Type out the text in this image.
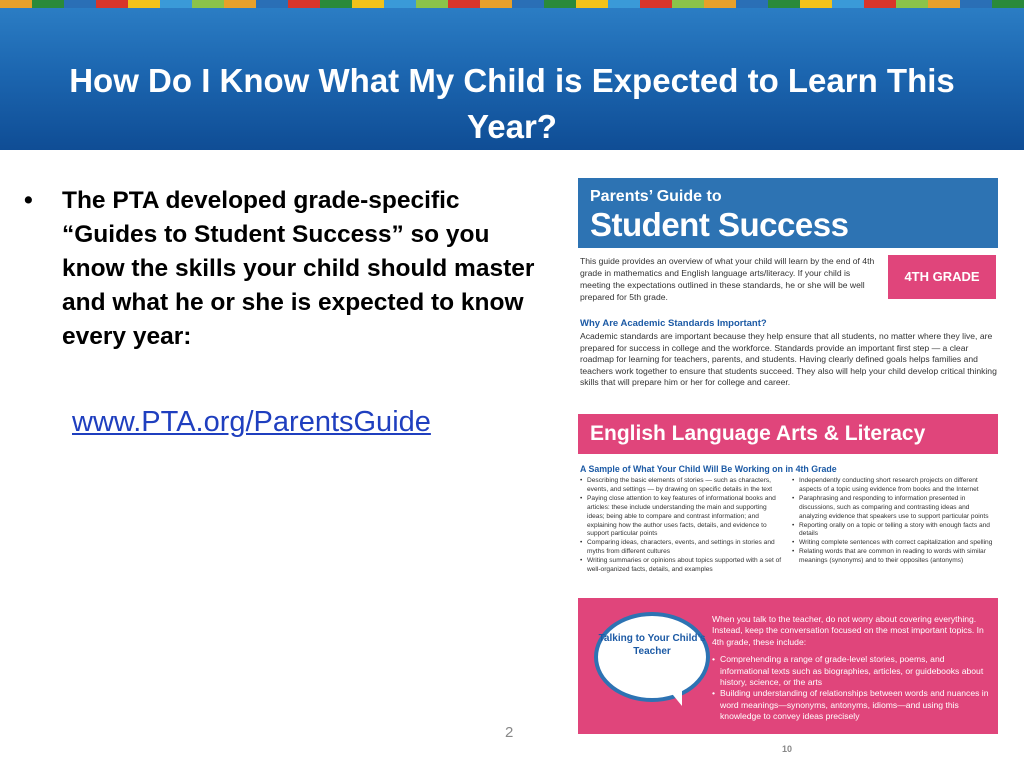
How Do I Know What My Child is Expected to Learn This Year?
• The PTA developed grade-specific “Guides to Student Success” so you know the skills your child should master and what he or she is expected to know every year:
www.PTA.org/ParentsGuide
2
Parents’ Guide to
Student Success
This guide provides an overview of what your child will learn by the end of 4th grade in mathematics and English language arts/literacy. If your child is meeting the expectations outlined in these standards, he or she will be well prepared for 5th grade.
4TH GRADE
Why Are Academic Standards Important?
Academic standards are important because they help ensure that all students, no matter where they live, are prepared for success in college and the workforce. Standards provide an important first step — a clear roadmap for learning for teachers, parents, and students. Having clearly defined goals helps families and teachers work together to ensure that students succeed. They also will help your child develop critical thinking skills that will prepare him or her for college and career.
English Language Arts & Literacy
A Sample of What Your Child Will Be Working on in 4th Grade
• Describing the basic elements of stories — such as characters, events, and settings — by drawing on specific details in the text
• Paying close attention to key features of informational books and articles: these include understanding the main and supporting ideas; being able to compare and contrast information; and explaining how the author uses facts, details, and evidence to support particular points
• Comparing ideas, characters, events, and settings in stories and myths from different cultures
• Writing summaries or opinions about topics supported with a set of well-organized facts, details, and examples
• Independently conducting short research projects on different aspects of a topic using evidence from books and the Internet
• Paraphrasing and responding to information presented in discussions, such as comparing and contrasting ideas and analyzing evidence that speakers use to support particular points
• Reporting orally on a topic or telling a story with enough facts and details
• Writing complete sentences with correct capitalization and spelling
• Relating words that are common in reading to words with similar meanings (synonyms) and to their opposites (antonyms)
Talking to Your Child’s Teacher
When you talk to the teacher, do not worry about covering everything. Instead, keep the conversation focused on the most important topics. In 4th grade, these include:
• Comprehending a range of grade-level stories, poems, and informational texts such as biographies, articles, or guidebooks about history, science, or the arts
• Building understanding of relationships between words and nuances in word meanings—synonyms, antonyms, idioms—and using this knowledge to convey ideas precisely
10
